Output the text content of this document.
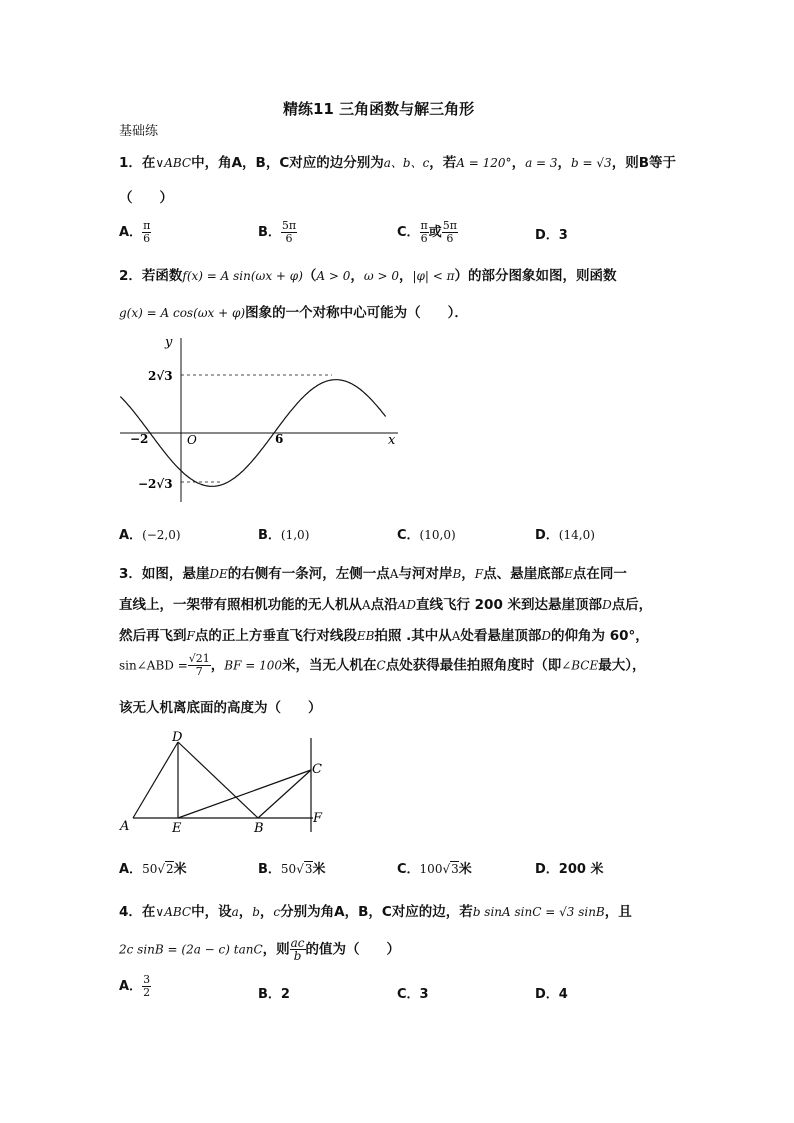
精练11 三角函数与解三角形
基础练
1．在∨ABC中，角A，B，C对应的边分别为a、b、c，若A = 120°，a = 3，b = √3，则B等于
（　　）
A． $\frac{\pi}{6}$	B． $\frac{5\pi}{6}$	C． $\frac{\pi}{6}$ 或 $\frac{5\pi}{6}$	D．3
2．若函数f(x) = A sin(ωx + φ)（A > 0，ω > 0，|φ| < π）的部分图象如图，则函数
g(x) = A cos(ωx + φ)图象的一个对称中心可能为（　　）．
y
x
O
−2	6
2√3
−2√3
A．(−2,0)	B．(1,0)	C．(10,0)	D．(14,0)
3．如图，悬崖DE的右侧有一条河，左侧一点A与河对岸B，F点、悬崖底部E点在同一
直线上，一架带有照相机功能的无人机从A点沿AD直线飞行 200 米到达悬崖顶部D点后，
然后再飞到F点的正上方垂直飞行对线段EB拍照 .其中从A处看悬崖顶部D的仰角为 60°，
sin∠ABD = $\frac{√21}{7}$ ，BF = 100米，当无人机在C点处获得最佳拍照角度时（即∠BCE最大），
该无人机离底面的高度为（　　）
A
D
E	B
C
F
A．50√2米	B．50√3米	C．100√3米	D．200 米
4．在∨ABC中，设a，b，c分别为角A，B，C对应的边，若b sinA sinC = √3 sinB，且
2c sinB = (2a − c) tanC，则 $\frac{ac}{b}$ 的值为（　　）
A． $\frac{3}{2}$	B．2	C．3	D．4
